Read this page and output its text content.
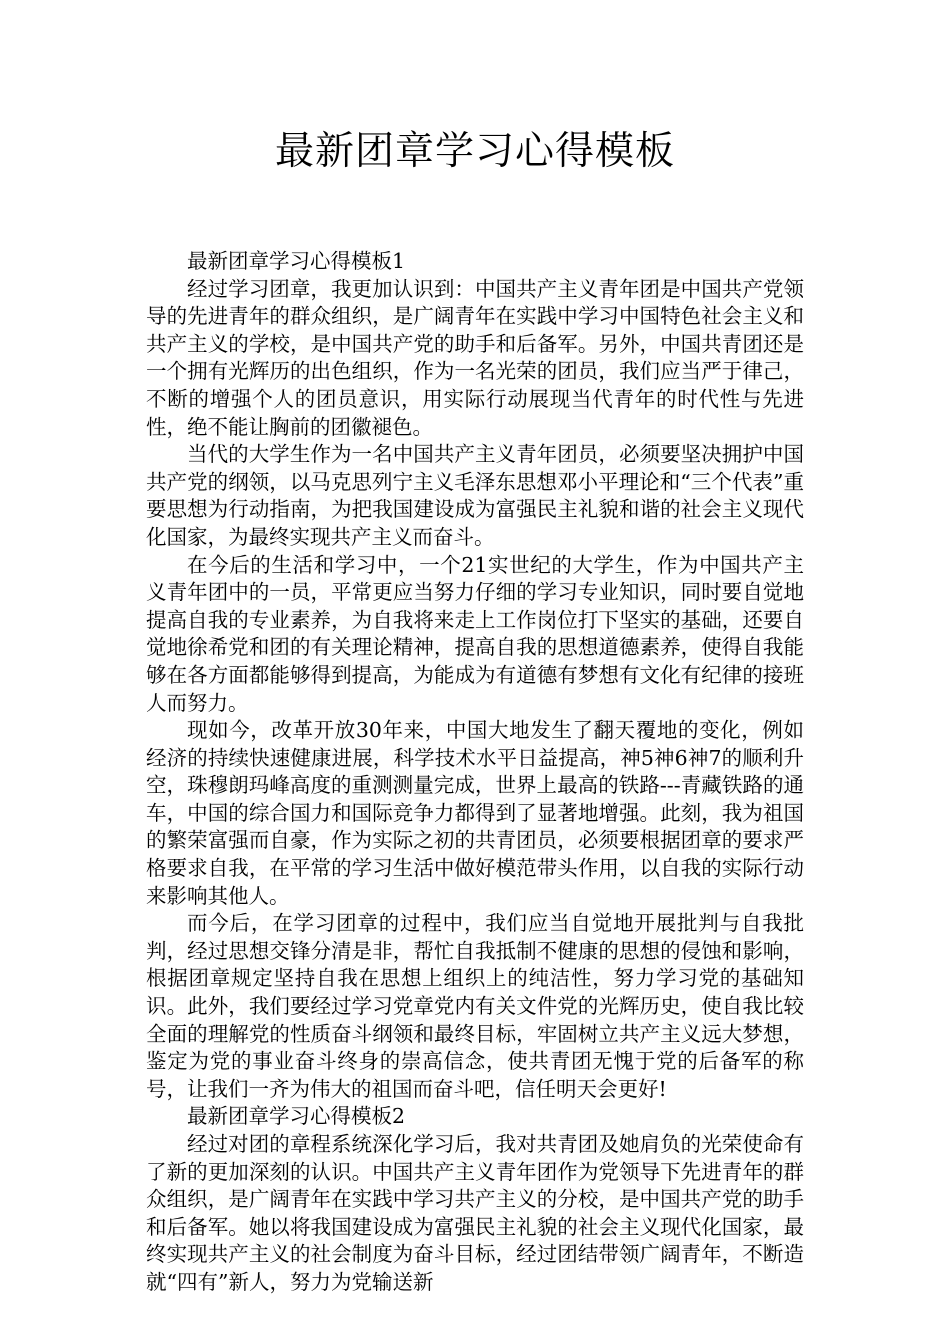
最新团章学习心得模板

最新团章学习心得模板1

经过学习团章，我更加认识到：中国共产主义青年团是中国共产党领导的先进青年的群众组织，是广阔青年在实践中学习中国特色社会主义和共产主义的学校，是中国共产党的助手和后备军。另外，中国共青团还是一个拥有光辉历的出色组织，作为一名光荣的团员，我们应当严于律己，不断的增强个人的团员意识，用实际行动展现当代青年的时代性与先进性，绝不能让胸前的团徽褪色。

当代的大学生作为一名中国共产主义青年团员，必须要坚决拥护中国共产党的纲领，以马克思列宁主义毛泽东思想邓小平理论和“三个代表”重要思想为行动指南，为把我国建设成为富强民主礼貌和谐的社会主义现代化国家，为最终实现共产主义而奋斗。

在今后的生活和学习中，一个21实世纪的大学生，作为中国共产主义青年团中的一员，平常更应当努力仔细的学习专业知识，同时要自觉地提高自我的专业素养，为自我将来走上工作岗位打下坚实的基础，还要自觉地徐希党和团的有关理论精神，提高自我的思想道德素养，使得自我能够在各方面都能够得到提高，为能成为有道德有梦想有文化有纪律的接班人而努力。

现如今，改革开放30年来，中国大地发生了翻天覆地的变化，例如经济的持续快速健康进展，科学技术水平日益提高，神5神6神7的顺利升空，珠穆朗玛峰高度的重测测量完成，世界上最高的铁路---青藏铁路的通车，中国的综合国力和国际竞争力都得到了显著地增强。此刻，我为祖国的繁荣富强而自豪，作为实际之初的共青团员，必须要根据团章的要求严格要求自我，在平常的学习生活中做好模范带头作用，以自我的实际行动来影响其他人。

而今后，在学习团章的过程中，我们应当自觉地开展批判与自我批判，经过思想交锋分清是非，帮忙自我抵制不健康的思想的侵蚀和影响，根据团章规定坚持自我在思想上组织上的纯洁性，努力学习党的基础知识。此外，我们要经过学习党章党内有关文件党的光辉历史，使自我比较全面的理解党的性质奋斗纲领和最终目标，牢固树立共产主义远大梦想，鉴定为党的事业奋斗终身的崇高信念，使共青团无愧于党的后备军的称号，让我们一齐为伟大的祖国而奋斗吧，信任明天会更好!

最新团章学习心得模板2

经过对团的章程系统深化学习后，我对共青团及她肩负的光荣使命有了新的更加深刻的认识。中国共产主义青年团作为党领导下先进青年的群众组织，是广阔青年在实践中学习共产主义的分校，是中国共产党的助手和后备军。她以将我国建设成为富强民主礼貌的社会主义现代化国家，最终实现共产主义的社会制度为奋斗目标，经过团结带领广阔青年，不断造就“四有”新人，努力为党输送新
